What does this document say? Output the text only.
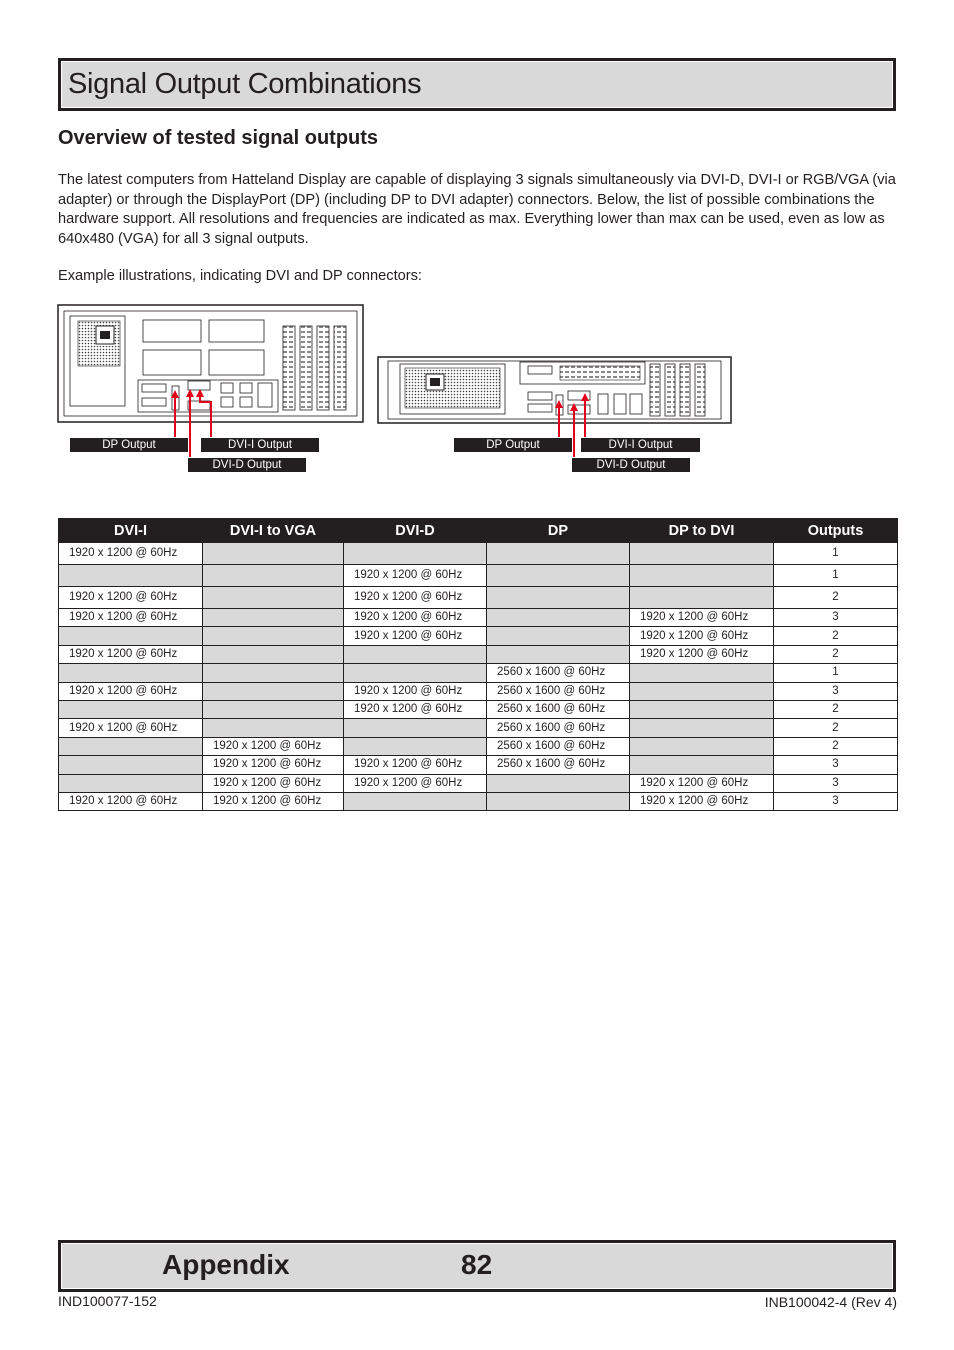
Signal Output Combinations
Overview of tested signal outputs
The latest computers from Hatteland Display are capable of displaying 3 signals simultaneously via DVI-D, DVI-I or RGB/VGA (via adapter) or through the DisplayPort (DP) (including DP to DVI adapter) connectors. Below, the list of possible combinations the hardware support. All resolutions and frequencies are indicated as max. Everything lower than max can be used, even as low as 640x480 (VGA) for all 3 signal outputs.
Example illustrations, indicating DVI and DP connectors:
DP Output	DVI-I Output
DVI-D Output
DP Output	DVI-I Output
DVI-D Output
DVI-I	DVI-I to VGA	DVI-D	DP	DP to DVI	Outputs
1920 x 1200 @ 60Hz					1
		1920 x 1200 @ 60Hz			1
1920 x 1200 @ 60Hz		1920 x 1200 @ 60Hz			2
1920 x 1200 @ 60Hz		1920 x 1200 @ 60Hz		1920 x 1200 @ 60Hz	3
		1920 x 1200 @ 60Hz		1920 x 1200 @ 60Hz	2
1920 x 1200 @ 60Hz				1920 x 1200 @ 60Hz	2
			2560 x 1600 @ 60Hz		1
1920 x 1200 @ 60Hz		1920 x 1200 @ 60Hz	2560 x 1600 @ 60Hz		3
		1920 x 1200 @ 60Hz	2560 x 1600 @ 60Hz		2
1920 x 1200 @ 60Hz			2560 x 1600 @ 60Hz		2
	1920 x 1200 @ 60Hz		2560 x 1600 @ 60Hz		2
	1920 x 1200 @ 60Hz	1920 x 1200 @ 60Hz	2560 x 1600 @ 60Hz		3
	1920 x 1200 @ 60Hz	1920 x 1200 @ 60Hz		1920 x 1200 @ 60Hz	3
1920 x 1200 @ 60Hz	1920 x 1200 @ 60Hz			1920 x 1200 @ 60Hz	3
Appendix	82
IND100077-152	INB100042-4 (Rev 4)
